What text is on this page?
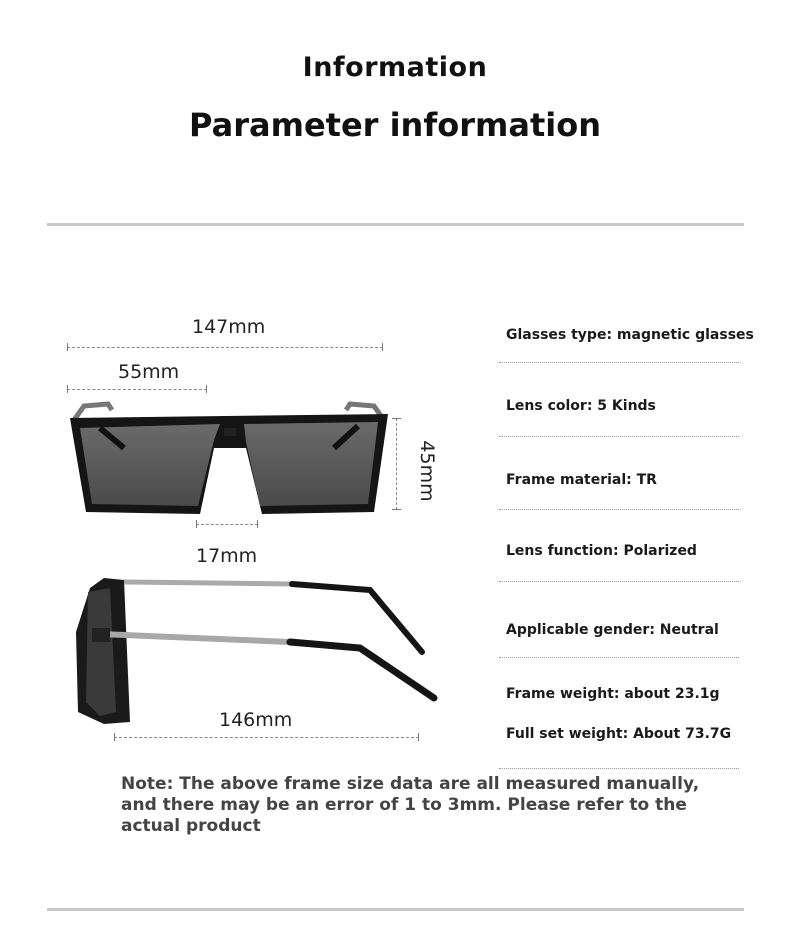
Information
Parameter information
147mm
55mm
45mm
17mm
146mm
Glasses type: magnetic glasses
Lens color: 5 Kinds
Frame material: TR
Lens function: Polarized
Applicable gender: Neutral
Frame weight: about 23.1g
Full set weight: About 73.7G
Note: The above frame size data are all measured manually, and there may be an error of 1 to 3mm. Please refer to the actual product
